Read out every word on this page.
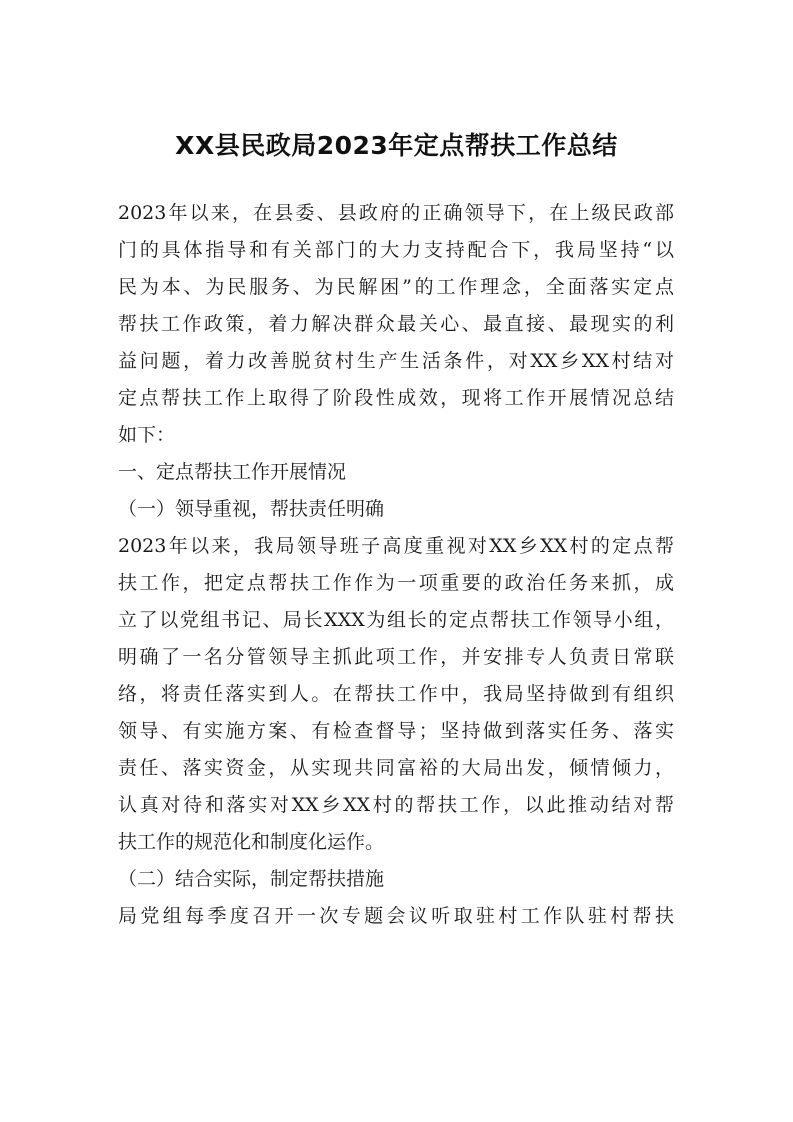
XX县民政局2023年定点帮扶工作总结
2023年以来，在县委、县政府的正确领导下，在上级民政部
门的具体指导和有关部门的大力支持配合下，我局坚持“以
民为本、为民服务、为民解困”的工作理念，全面落实定点
帮扶工作政策，着力解决群众最关心、最直接、最现实的利
益问题，着力改善脱贫村生产生活条件，对XX乡XX村结对
定点帮扶工作上取得了阶段性成效，现将工作开展情况总结
如下：
一、定点帮扶工作开展情况
（一）领导重视，帮扶责任明确
2023年以来，我局领导班子高度重视对XX乡XX村的定点帮
扶工作，把定点帮扶工作作为一项重要的政治任务来抓，成
立了以党组书记、局长XXX为组长的定点帮扶工作领导小组，
明确了一名分管领导主抓此项工作，并安排专人负责日常联
络，将责任落实到人。在帮扶工作中，我局坚持做到有组织
领导、有实施方案、有检查督导；坚持做到落实任务、落实
责任、落实资金，从实现共同富裕的大局出发，倾情倾力，
认真对待和落实对XX乡XX村的帮扶工作，以此推动结对帮
扶工作的规范化和制度化运作。
（二）结合实际，制定帮扶措施
局党组每季度召开一次专题会议听取驻村工作队驻村帮扶
